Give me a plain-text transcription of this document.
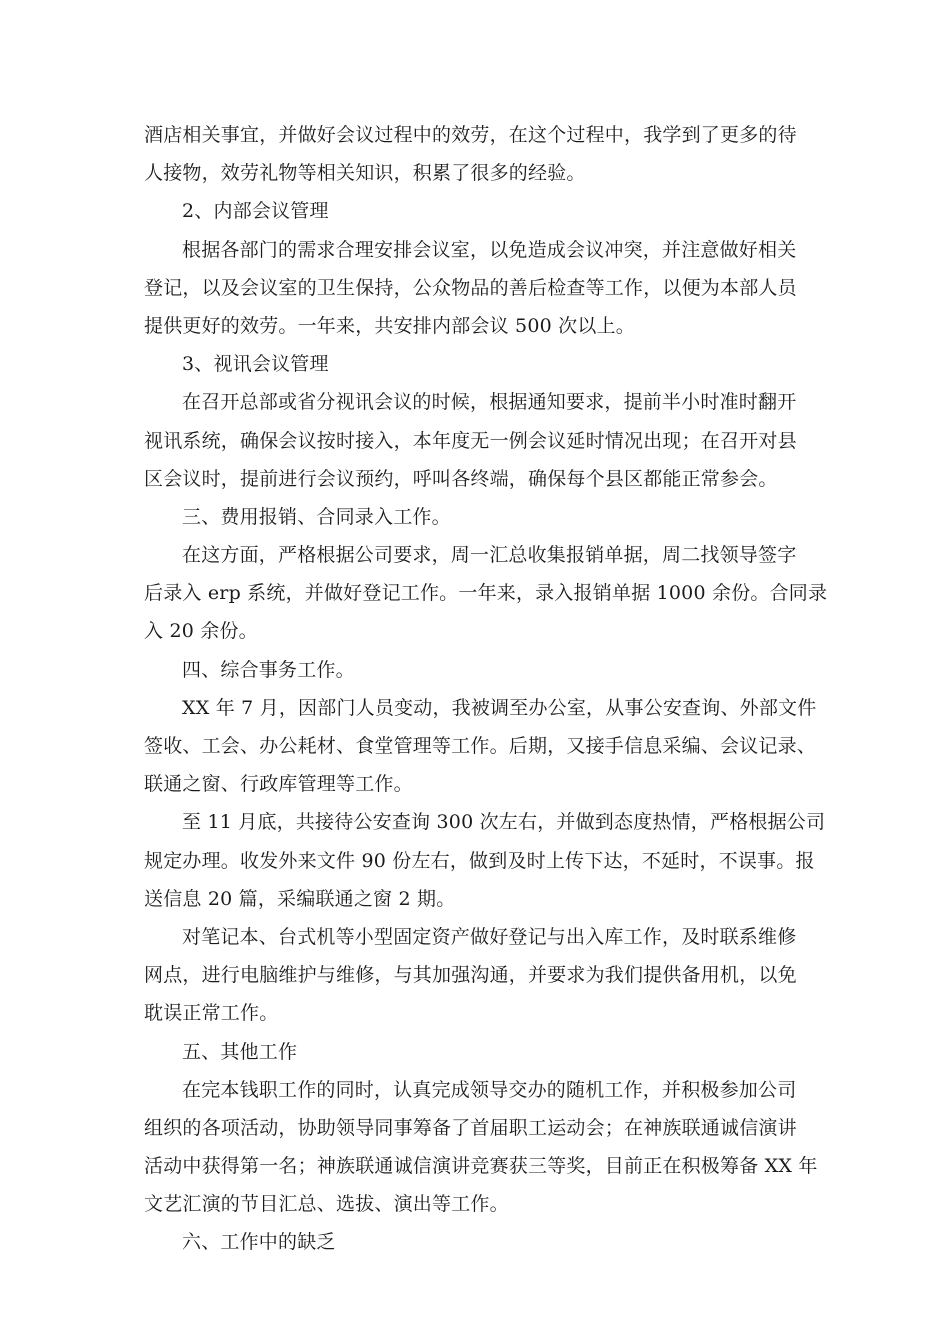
酒店相关事宜，并做好会议过程中的效劳，在这个过程中，我学到了更多的待
人接物，效劳礼物等相关知识，积累了很多的经验。
2、内部会议管理
根据各部门的需求合理安排会议室，以免造成会议冲突，并注意做好相关
登记，以及会议室的卫生保持，公众物品的善后检查等工作，以便为本部人员
提供更好的效劳。一年来，共安排内部会议 500 次以上。
3、视讯会议管理
在召开总部或省分视讯会议的时候，根据通知要求，提前半小时准时翻开
视讯系统，确保会议按时接入，本年度无一例会议延时情况出现；在召开对县
区会议时，提前进行会议预约，呼叫各终端，确保每个县区都能正常参会。
三、费用报销、合同录入工作。
在这方面，严格根据公司要求，周一汇总收集报销单据，周二找领导签字
后录入 erp 系统，并做好登记工作。一年来，录入报销单据 1000 余份。合同录
入 20 余份。
四、综合事务工作。
XX 年 7 月，因部门人员变动，我被调至办公室，从事公安查询、外部文件
签收、工会、办公耗材、食堂管理等工作。后期，又接手信息采编、会议记录、
联通之窗、行政库管理等工作。
至 11 月底，共接待公安查询 300 次左右，并做到态度热情，严格根据公司
规定办理。收发外来文件 90 份左右，做到及时上传下达，不延时，不误事。报
送信息 20 篇，采编联通之窗 2 期。
对笔记本、台式机等小型固定资产做好登记与出入库工作，及时联系维修
网点，进行电脑维护与维修，与其加强沟通，并要求为我们提供备用机，以免
耽误正常工作。
五、其他工作
在完本钱职工作的同时，认真完成领导交办的随机工作，并积极参加公司
组织的各项活动，协助领导同事筹备了首届职工运动会；在神族联通诚信演讲
活动中获得第一名；神族联通诚信演讲竞赛获三等奖，目前正在积极筹备 XX 年
文艺汇演的节目汇总、选拔、演出等工作。
六、工作中的缺乏
